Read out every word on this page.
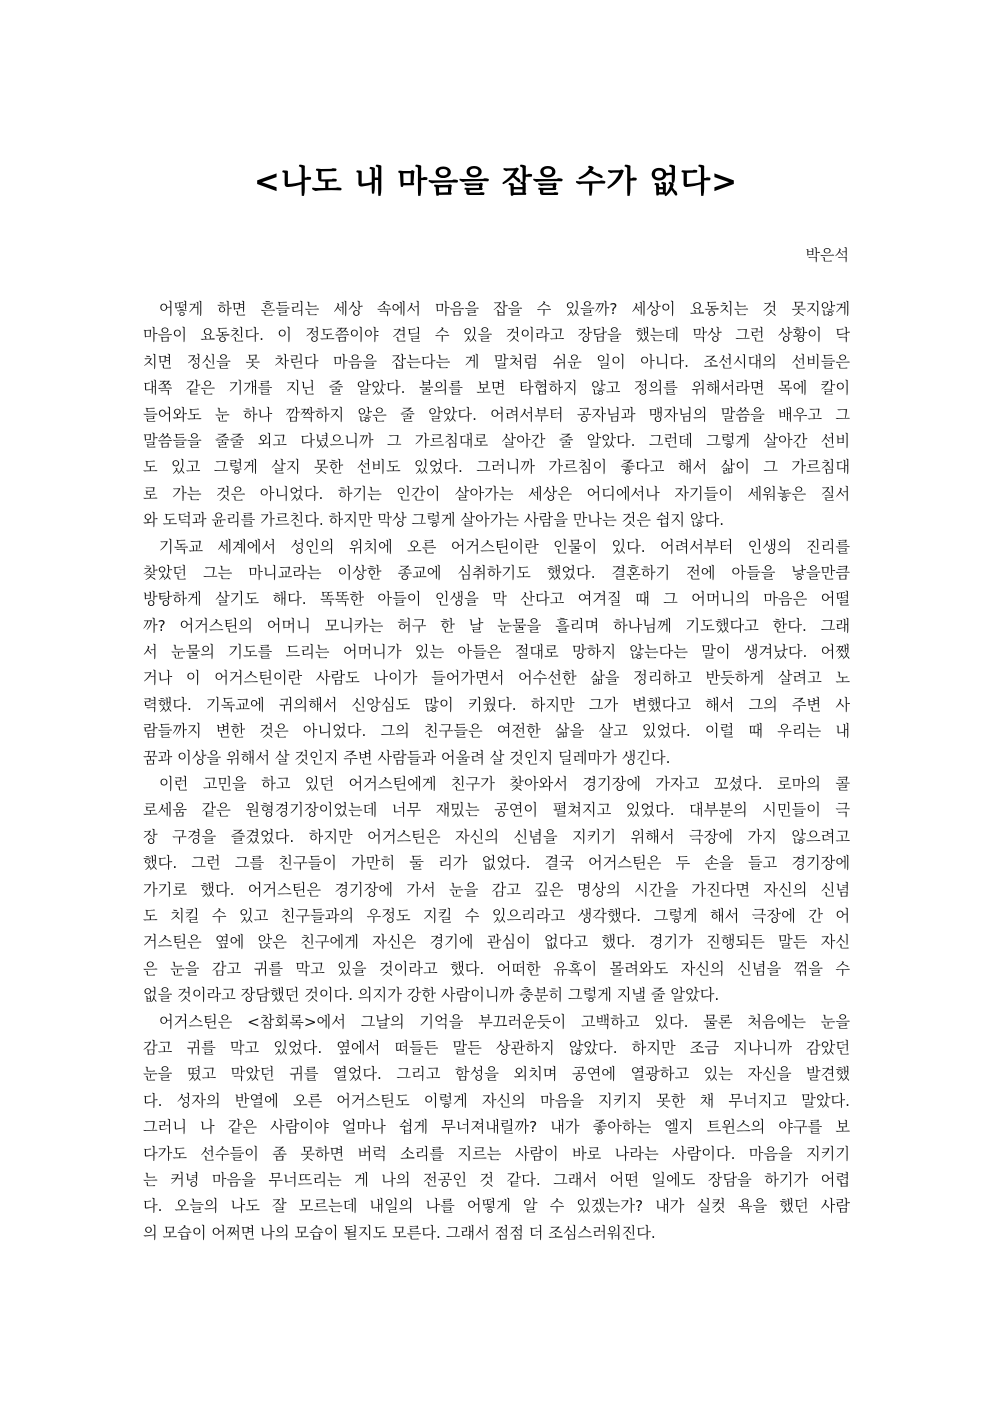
<나도 내 마음을 잡을 수가 없다>
박은석
어떻게 하면 흔들리는 세상 속에서 마음을 잡을 수 있을까? 세상이 요동치는 것 못지않게
마음이 요동친다. 이 정도쯤이야 견딜 수 있을 것이라고 장담을 했는데 막상 그런 상황이 닥
치면 정신을 못 차린다 마음을 잡는다는 게 말처럼 쉬운 일이 아니다. 조선시대의 선비들은
대쪽 같은 기개를 지닌 줄 알았다. 불의를 보면 타협하지 않고 정의를 위해서라면 목에 칼이
들어와도 눈 하나 깜짝하지 않은 줄 알았다. 어려서부터 공자님과 맹자님의 말씀을 배우고 그
말씀들을 줄줄 외고 다녔으니까 그 가르침대로 살아간 줄 알았다. 그런데 그렇게 살아간 선비
도 있고 그렇게 살지 못한 선비도 있었다. 그러니까 가르침이 좋다고 해서 삶이 그 가르침대
로 가는 것은 아니었다. 하기는 인간이 살아가는 세상은 어디에서나 자기들이 세워놓은 질서
와 도덕과 윤리를 가르친다. 하지만 막상 그렇게 살아가는 사람을 만나는 것은 쉽지 않다.
기독교 세계에서 성인의 위치에 오른 어거스틴이란 인물이 있다. 어려서부터 인생의 진리를
찾았던 그는 마니교라는 이상한 종교에 심취하기도 했었다. 결혼하기 전에 아들을 낳을만큼
방탕하게 살기도 해다. 똑똑한 아들이 인생을 막 산다고 여겨질 때 그 어머니의 마음은 어떨
까? 어거스틴의 어머니 모니카는 허구 한 날 눈물을 흘리며 하나님께 기도했다고 한다. 그래
서 눈물의 기도를 드리는 어머니가 있는 아들은 절대로 망하지 않는다는 말이 생겨났다. 어쨌
거나 이 어거스틴이란 사람도 나이가 들어가면서 어수선한 삶을 정리하고 반듯하게 살려고 노
력했다. 기독교에 귀의해서 신앙심도 많이 키웠다. 하지만 그가 변했다고 해서 그의 주변 사
람들까지 변한 것은 아니었다. 그의 친구들은 여전한 삶을 살고 있었다. 이럴 때 우리는 내
꿈과 이상을 위해서 살 것인지 주변 사람들과 어울려 살 것인지 딜레마가 생긴다.
이런 고민을 하고 있던 어거스틴에게 친구가 찾아와서 경기장에 가자고 꼬셨다. 로마의 콜
로세움 같은 원형경기장이었는데 너무 재밌는 공연이 펼쳐지고 있었다. 대부분의 시민들이 극
장 구경을 즐겼었다. 하지만 어거스틴은 자신의 신념을 지키기 위해서 극장에 가지 않으려고
했다. 그런 그를 친구들이 가만히 둘 리가 없었다. 결국 어거스틴은 두 손을 들고 경기장에
가기로 했다. 어거스틴은 경기장에 가서 눈을 감고 깊은 명상의 시간을 가진다면 자신의 신념
도 치킬 수 있고 친구들과의 우정도 지킬 수 있으리라고 생각했다. 그렇게 해서 극장에 간 어
거스틴은 옆에 앉은 친구에게 자신은 경기에 관심이 없다고 했다. 경기가 진행되든 말든 자신
은 눈을 감고 귀를 막고 있을 것이라고 했다. 어떠한 유혹이 몰려와도 자신의 신념을 꺾을 수
없을 것이라고 장담했던 것이다. 의지가 강한 사람이니까 충분히 그렇게 지낼 줄 알았다.
어거스틴은 <참회록>에서 그날의 기억을 부끄러운듯이 고백하고 있다. 물론 처음에는 눈을
감고 귀를 막고 있었다. 옆에서 떠들든 말든 상관하지 않았다. 하지만 조금 지나니까 감았던
눈을 떴고 막았던 귀를 열었다. 그리고 함성을 외치며 공연에 열광하고 있는 자신을 발견했
다. 성자의 반열에 오른 어거스틴도 이렇게 자신의 마음을 지키지 못한 채 무너지고 말았다.
그러니 나 같은 사람이야 얼마나 쉽게 무너져내릴까? 내가 좋아하는 엘지 트윈스의 야구를 보
다가도 선수들이 좀 못하면 버럭 소리를 지르는 사람이 바로 나라는 사람이다. 마음을 지키기
는 커녕 마음을 무너뜨리는 게 나의 전공인 것 같다. 그래서 어떤 일에도 장담을 하기가 어렵
다. 오늘의 나도 잘 모르는데 내일의 나를 어떻게 알 수 있겠는가? 내가 실컷 욕을 했던 사람
의 모습이 어쩌면 나의 모습이 될지도 모른다. 그래서 점점 더 조심스러워진다.
